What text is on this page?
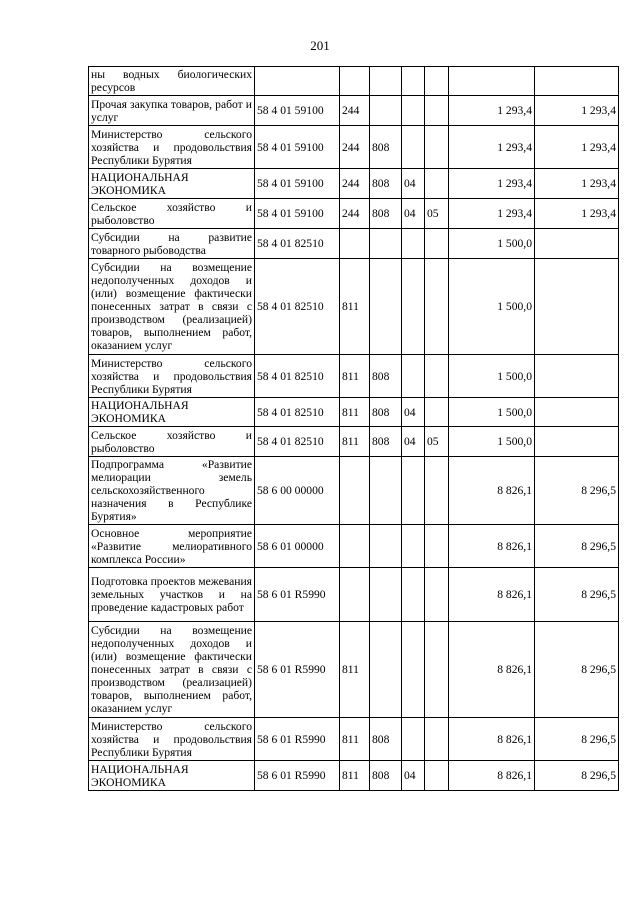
201
ны водных биологических ресурсов							
Прочая закупка товаров, работ и услуг	58 4 01 59100	244				1 293,4	1 293,4
Министерство сельского хозяйства и продовольствия Республики Бурятия	58 4 01 59100	244	808			1 293,4	1 293,4
НАЦИОНАЛЬНАЯ ЭКОНОМИКА	58 4 01 59100	244	808	04		1 293,4	1 293,4
Сельское хозяйство и рыболовство	58 4 01 59100	244	808	04	05	1 293,4	1 293,4
Субсидии на развитие товарного рыбоводства	58 4 01 82510					1 500,0	
Субсидии на возмещение недополученных доходов и (или) возмещение фактически понесенных затрат в связи с производством (реализацией) товаров, выполнением работ, оказанием услуг	58 4 01 82510	811				1 500,0	
Министерство сельского хозяйства и продовольствия Республики Бурятия	58 4 01 82510	811	808			1 500,0	
НАЦИОНАЛЬНАЯ ЭКОНОМИКА	58 4 01 82510	811	808	04		1 500,0	
Сельское хозяйство и рыболовство	58 4 01 82510	811	808	04	05	1 500,0	
Подпрограмма «Развитие мелиорации земель сельскохозяйственного назначения в Республике Бурятия»	58 6 00 00000					8 826,1	8 296,5
Основное мероприятие «Развитие мелиоративного комплекса России»	58 6 01 00000					8 826,1	8 296,5
Подготовка проектов межевания земельных участков и на проведение кадастровых работ	58 6 01 R5990					8 826,1	8 296,5
Субсидии на возмещение недополученных доходов и (или) возмещение фактически понесенных затрат в связи с производством (реализацией) товаров, выполнением работ, оказанием услуг	58 6 01 R5990	811				8 826,1	8 296,5
Министерство сельского хозяйства и продовольствия Республики Бурятия	58 6 01 R5990	811	808			8 826,1	8 296,5
НАЦИОНАЛЬНАЯ ЭКОНОМИКА	58 6 01 R5990	811	808	04		8 826,1	8 296,5
